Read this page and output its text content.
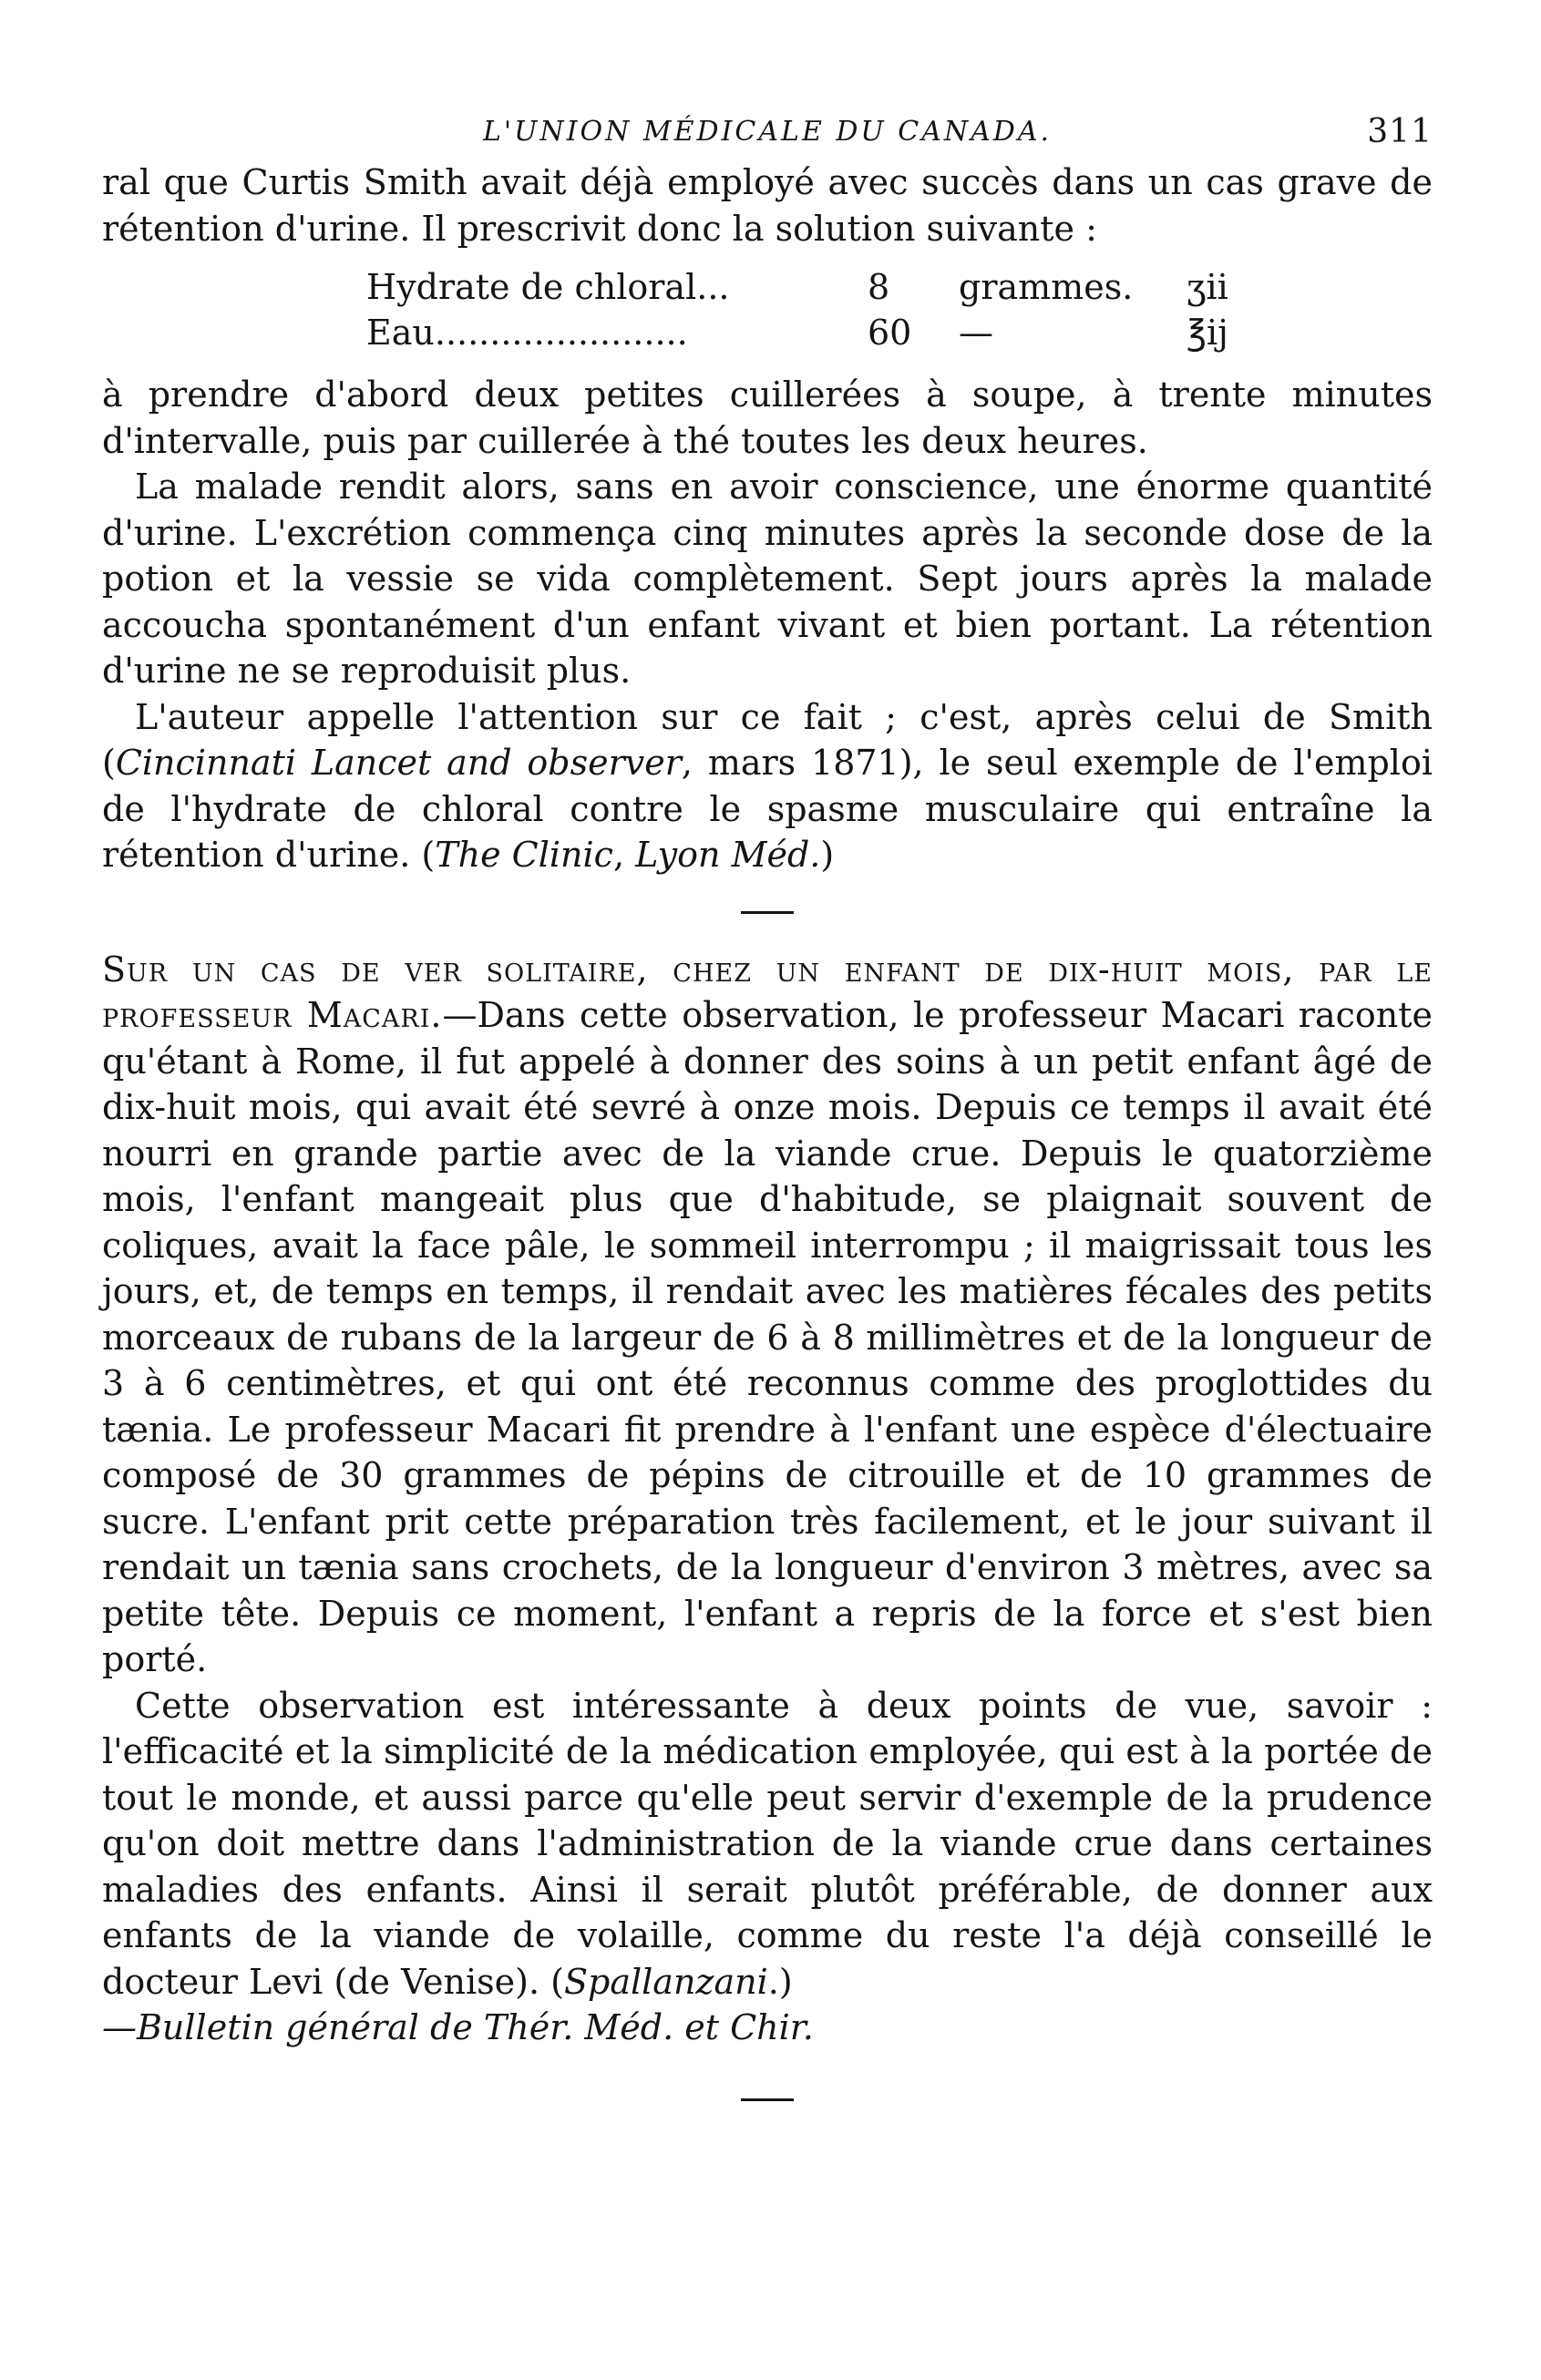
L'UNION MÉDICALE DU CANADA.	311

ral que Curtis Smith avait déjà employé avec succès dans un cas grave de rétention d'urine. Il prescrivit donc la solution suivante :

Hydrate de chloral...	8	grammes.	ʒii
Eau.......................	60	—	℥ij

à prendre d'abord deux petites cuillerées à soupe, à trente minutes d'intervalle, puis par cuillerée à thé toutes les deux heures.

La malade rendit alors, sans en avoir conscience, une énorme quantité d'urine. L'excrétion commença cinq minutes après la seconde dose de la potion et la vessie se vida complètement. Sept jours après la malade accoucha spontanément d'un enfant vivant et bien portant. La rétention d'urine ne se reproduisit plus.

L'auteur appelle l'attention sur ce fait ; c'est, après celui de Smith (Cincinnati Lancet and observer, mars 1871), le seul exemple de l'emploi de l'hydrate de chloral contre le spasme musculaire qui entraîne la rétention d'urine. (The Clinic, Lyon Méd.)

Sur un cas de ver solitaire, chez un enfant de dix-huit mois, par le professeur Macari.—Dans cette observation, le professeur Macari raconte qu'étant à Rome, il fut appelé à donner des soins à un petit enfant âgé de dix-huit mois, qui avait été sevré à onze mois. Depuis ce temps il avait été nourri en grande partie avec de la viande crue. Depuis le quatorzième mois, l'enfant mangeait plus que d'habitude, se plaignait souvent de coliques, avait la face pâle, le sommeil interrompu ; il maigrissait tous les jours, et, de temps en temps, il rendait avec les matières fécales des petits morceaux de rubans de la largeur de 6 à 8 millimètres et de la longueur de 3 à 6 centimètres, et qui ont été reconnus comme des proglottides du tænia. Le professeur Macari fit prendre à l'enfant une espèce d'électuaire composé de 30 grammes de pépins de citrouille et de 10 grammes de sucre. L'enfant prit cette préparation très facilement, et le jour suivant il rendait un tænia sans crochets, de la longueur d'environ 3 mètres, avec sa petite tête. Depuis ce moment, l'enfant a repris de la force et s'est bien porté.

Cette observation est intéressante à deux points de vue, savoir : l'efficacité et la simplicité de la médication employée, qui est à la portée de tout le monde, et aussi parce qu'elle peut servir d'exemple de la prudence qu'on doit mettre dans l'administration de la viande crue dans certaines maladies des enfants. Ainsi il serait plutôt préférable, de donner aux enfants de la viande de volaille, comme du reste l'a déjà conseillé le docteur Levi (de Venise). (Spallanzani.)

—Bulletin général de Thér. Méd. et Chir.
